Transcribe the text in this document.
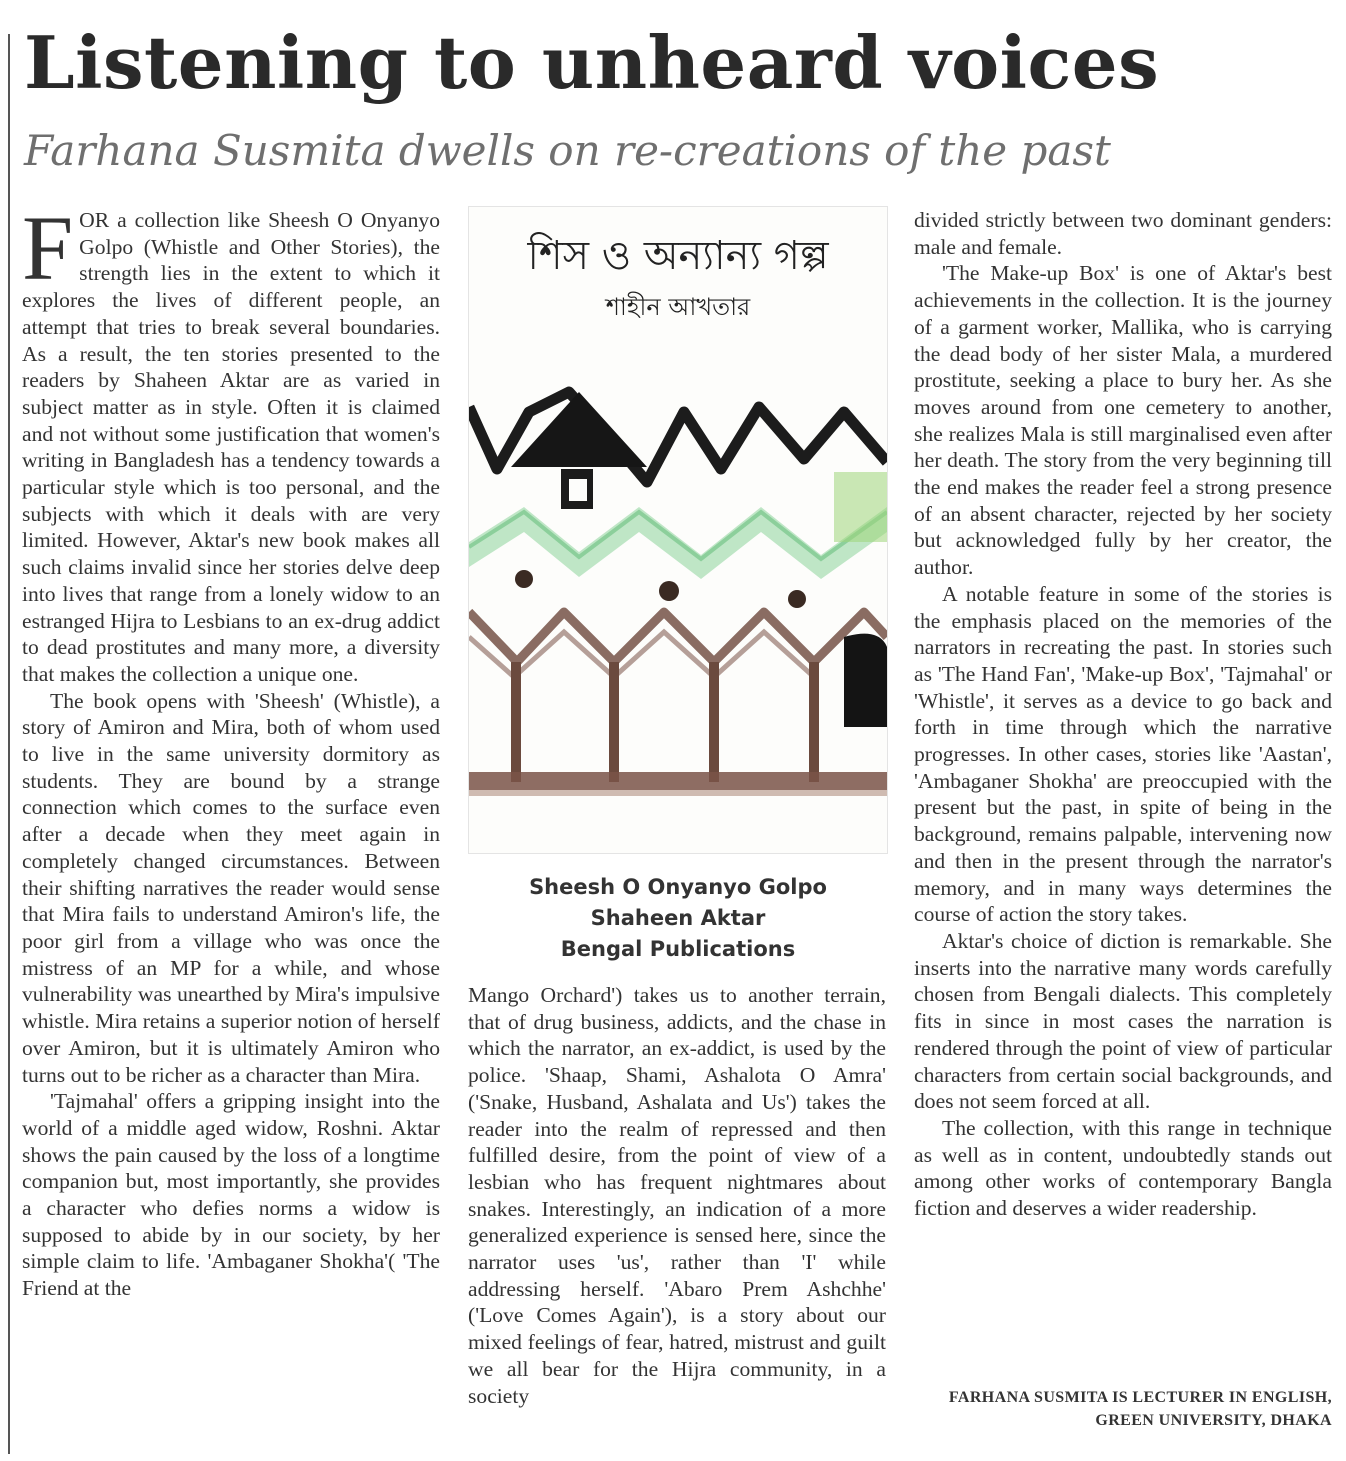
Listening to unheard voices
Farhana Susmita dwells on re-creations of the past

FOR a collection like Sheesh O Onyanyo Golpo (Whistle and Other Stories), the strength lies in the extent to which it explores the lives of different people, an attempt that tries to break several boundaries. As a result, the ten stories presented to the readers by Shaheen Aktar are as varied in subject matter as in style. Often it is claimed and not without some justification that women's writing in Bangladesh has a tendency towards a particular style which is too personal, and the subjects with which it deals with are very limited. However, Aktar's new book makes all such claims invalid since her stories delve deep into lives that range from a lonely widow to an estranged Hijra to Lesbians to an ex-drug addict to dead prostitutes and many more, a diversity that makes the collection a unique one.

The book opens with 'Sheesh' (Whistle), a story of Amiron and Mira, both of whom used to live in the same university dormitory as students. They are bound by a strange connection which comes to the surface even after a decade when they meet again in completely changed circumstances. Between their shifting narratives the reader would sense that Mira fails to understand Amiron's life, the poor girl from a village who was once the mistress of an MP for a while, and whose vulnerability was unearthed by Mira's impulsive whistle. Mira retains a superior notion of herself over Amiron, but it is ultimately Amiron who turns out to be richer as a character than Mira.

'Tajmahal' offers a gripping insight into the world of a middle aged widow, Roshni. Aktar shows the pain caused by the loss of a longtime companion but, most importantly, she provides a character who defies norms a widow is supposed to abide by in our society, by her simple claim to life. 'Ambaganer Shokha'( 'The Friend at the

শিস ও অন্যান্য গল্প
শাহীন আখতার
Sheesh O Onyanyo Golpo
Shaheen Aktar
Bengal Publications

Mango Orchard') takes us to another terrain, that of drug business, addicts, and the chase in which the narrator, an ex-addict, is used by the police. 'Shaap, Shami, Ashalota O Amra' ('Snake, Husband, Ashalata and Us') takes the reader into the realm of repressed and then fulfilled desire, from the point of view of a lesbian who has frequent nightmares about snakes. Interestingly, an indication of a more generalized experience is sensed here, since the narrator uses 'us', rather than 'I' while addressing herself. 'Abaro Prem Ashchhe' ('Love Comes Again'), is a story about our mixed feelings of fear, hatred, mistrust and guilt we all bear for the Hijra community, in a society

divided strictly between two dominant genders: male and female.

'The Make-up Box' is one of Aktar's best achievements in the collection. It is the journey of a garment worker, Mallika, who is carrying the dead body of her sister Mala, a murdered prostitute, seeking a place to bury her. As she moves around from one cemetery to another, she realizes Mala is still marginalised even after her death. The story from the very beginning till the end makes the reader feel a strong presence of an absent character, rejected by her society but acknowledged fully by her creator, the author.

A notable feature in some of the stories is the emphasis placed on the memories of the narrators in recreating the past. In stories such as 'The Hand Fan', 'Make-up Box', 'Tajmahal' or 'Whistle', it serves as a device to go back and forth in time through which the narrative progresses. In other cases, stories like 'Aastan', 'Ambaganer Shokha' are preoccupied with the present but the past, in spite of being in the background, remains palpable, intervening now and then in the present through the narrator's memory, and in many ways determines the course of action the story takes.

Aktar's choice of diction is remarkable. She inserts into the narrative many words carefully chosen from Bengali dialects. This completely fits in since in most cases the narration is rendered through the point of view of particular characters from certain social backgrounds, and does not seem forced at all.

The collection, with this range in technique as well as in content, undoubtedly stands out among other works of contemporary Bangla fiction and deserves a wider readership.

FARHANA SUSMITA IS LECTURER IN ENGLISH,
GREEN UNIVERSITY, DHAKA
